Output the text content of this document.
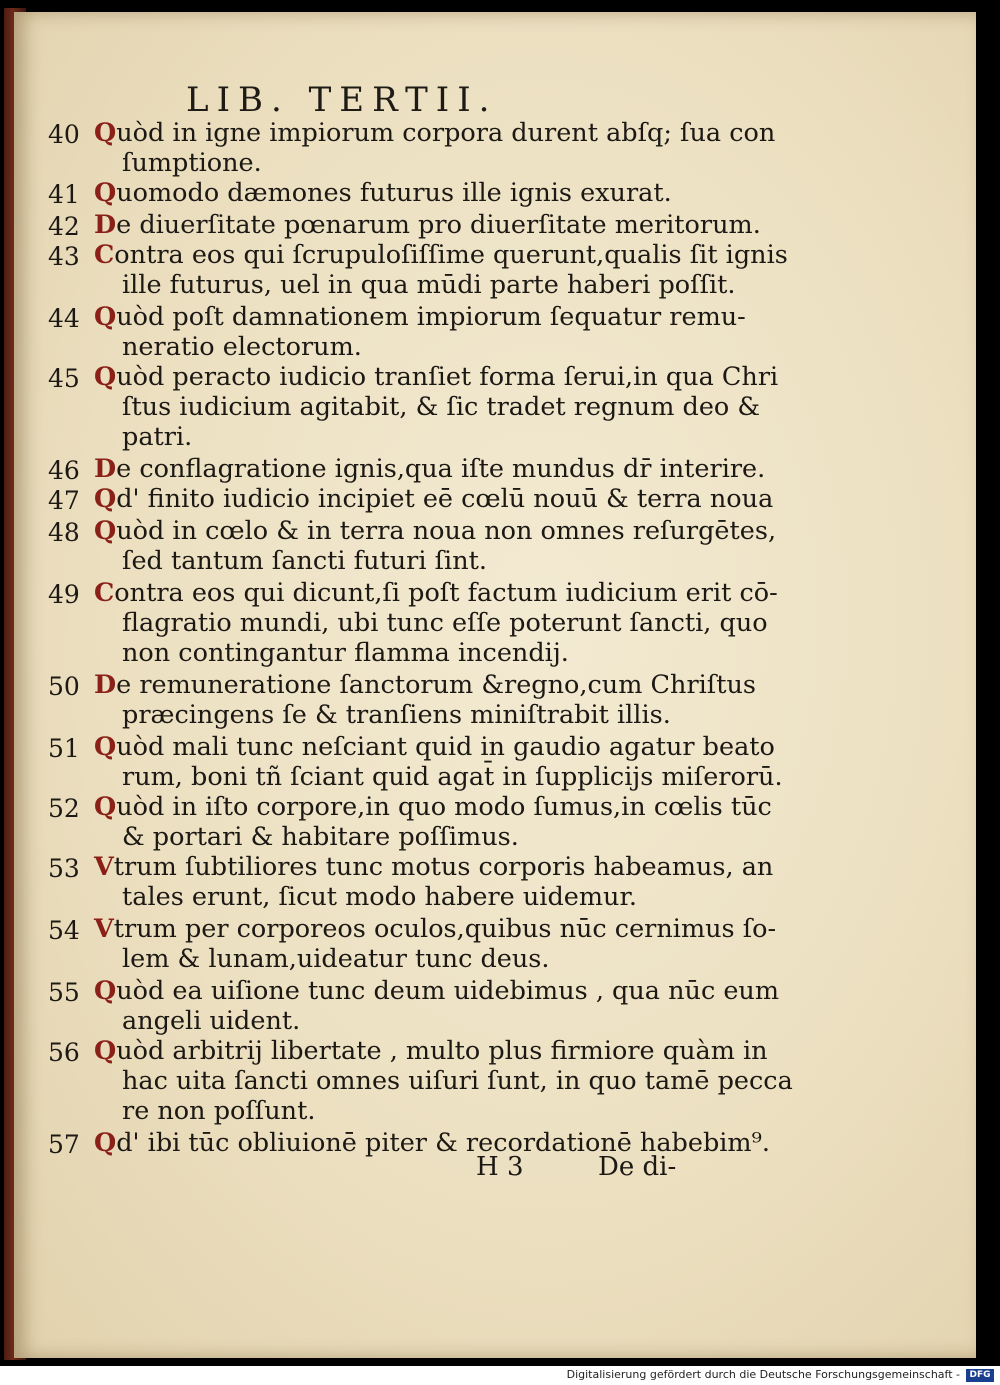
LIB. TERTII.
40 Quòd in igne impiorum corpora durent abſq; ſua con
ſumptione.
41 Quomodo dæmones futurus ille ignis exurat.
42 De diuerſitate pœnarum pro diuerſitate meritorum.
43 Contra eos qui ſcrupuloſiſſime querunt,qualis ſit ignis
ille futurus, uel in qua mūdi parte haberi poſſit.
44 Quòd poſt damnationem impiorum ſequatur remu-
neratio electorum.
45 Quòd peracto iudicio tranſiet forma ſerui,in qua Chri
ſtus iudicium agitabit, & ſic tradet regnum deo &
patri.
46 De conflagratione ignis,qua iſte mundus dr̄ interire.
47 Qd' finito iudicio incipiet eē cœlū nouū & terra noua
48 Quòd in cœlo & in terra noua non omnes reſurgētes,
ſed tantum ſancti futuri ſint.
49 Contra eos qui dicunt,ſi poſt factum iudicium erit cō-
flagratio mundi, ubi tunc eſſe poterunt ſancti, quo
non contingantur flamma incendij.
50 De remuneratione ſanctorum &regno,cum Chriſtus
præcingens ſe & tranſiens miniſtrabit illis.
51 Quòd mali tunc neſciant quid in gaudio agatur beato
rum, boni tñ ſciant quid agat̄ in ſupplicijs miſerorū.
52 Quòd in iſto corpore,in quo modo ſumus,in cœlis tūc
& portari & habitare poſſimus.
53 Vtrum ſubtiliores tunc motus corporis habeamus, an
tales erunt, ſicut modo habere uidemur.
54 Vtrum per corporeos oculos,quibus nūc cernimus ſo-
lem & lunam,uideatur tunc deus.
55 Quòd ea uiſione tunc deum uidebimus , qua nūc eum
angeli uident.
56 Quòd arbitrij libertate , multo plus firmiore quàm in
hac uita ſancti omnes uiſuri ſunt, in quo tamē pecca
re non poſſunt.
57 Qd' ibi tūc obliuionē piter & recordationē habebim⁹.
H 3	De di-
Digitalisierung gefördert durch die Deutsche Forschungsgemeinschaft -	DFG
